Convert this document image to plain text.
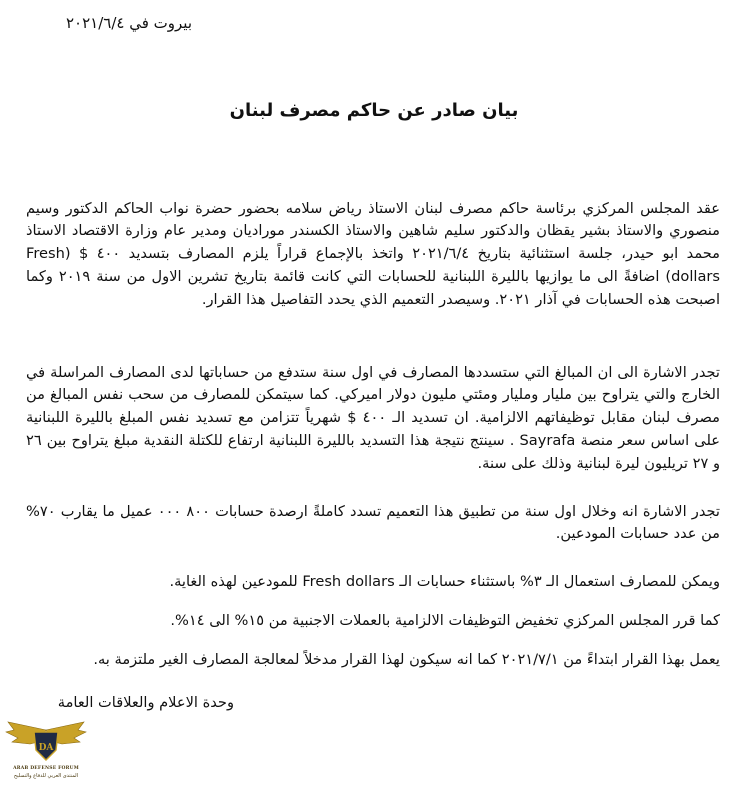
بيروت في ٢٠٢١/٦/٤
بيان صادر عن حاكم مصرف لبنان

عقد المجلس المركزي برئاسة حاكم مصرف لبنان الاستاذ رياض سلامه بحضور حضرة نواب الحاكم الدكتور وسيم منصوري والاستاذ بشير يقظان والدكتور سليم شاهين والاستاذ الكسندر موراديان ومدير عام وزارة الاقتصاد الاستاذ محمد ابو حيدر، جلسة استثنائية بتاريخ ٢٠٢١/٦/٤ واتخذ بالإجماع قراراً يلزم المصارف بتسديد ٤٠٠ $ (Fresh dollars) اضافةً الى ما يوازيها بالليرة اللبنانية للحسابات التي كانت قائمة بتاريخ تشرين الاول من سنة ٢٠١٩ وكما اصبحت هذه الحسابات في آذار ٢٠٢١. وسيصدر التعميم الذي يحدد التفاصيل هذا القرار.

تجدر الاشارة الى ان المبالغ التي ستسددها المصارف في اول سنة ستدفع من حساباتها لدى المصارف المراسلة في الخارج والتي يتراوح بين مليار ومليار ومئتي مليون دولار اميركي. كما سيتمكن للمصارف من سحب نفس المبالغ من مصرف لبنان مقابل توظيفاتهم الالزامية. ان تسديد الـ ٤٠٠ $ شهرياً تتزامن مع تسديد نفس المبلغ بالليرة اللبنانية على اساس سعر منصة Sayrafa . سينتج نتيجة هذا التسديد بالليرة اللبنانية ارتفاع للكتلة النقدية مبلغ يتراوح بين ٢٦ و ٢٧ تريليون ليرة لبنانية وذلك على سنة.

تجدر الاشارة انه وخلال اول سنة من تطبيق هذا التعميم تسدد كاملةً ارصدة حسابات ٨٠٠ ٠٠٠ عميل ما يقارب ٧٠% من عدد حسابات المودعين.

ويمكن للمصارف استعمال الـ ٣% باستثناء حسابات الـ Fresh dollars للمودعين لهذه الغاية.

كما قرر المجلس المركزي تخفيض التوظيفات الالزامية بالعملات الاجنبية من ١٥% الى ١٤%.

يعمل بهذا القرار ابتداءً من ٢٠٢١/٧/١ كما انه سيكون لهذا القرار مدخلاً لمعالجة المصارف الغير ملتزمة به.

وحدة الاعلام والعلاقات العامة
DA
ARAB DEFENSE FORUM
المنتدى العربي للدفاع والتسليح
